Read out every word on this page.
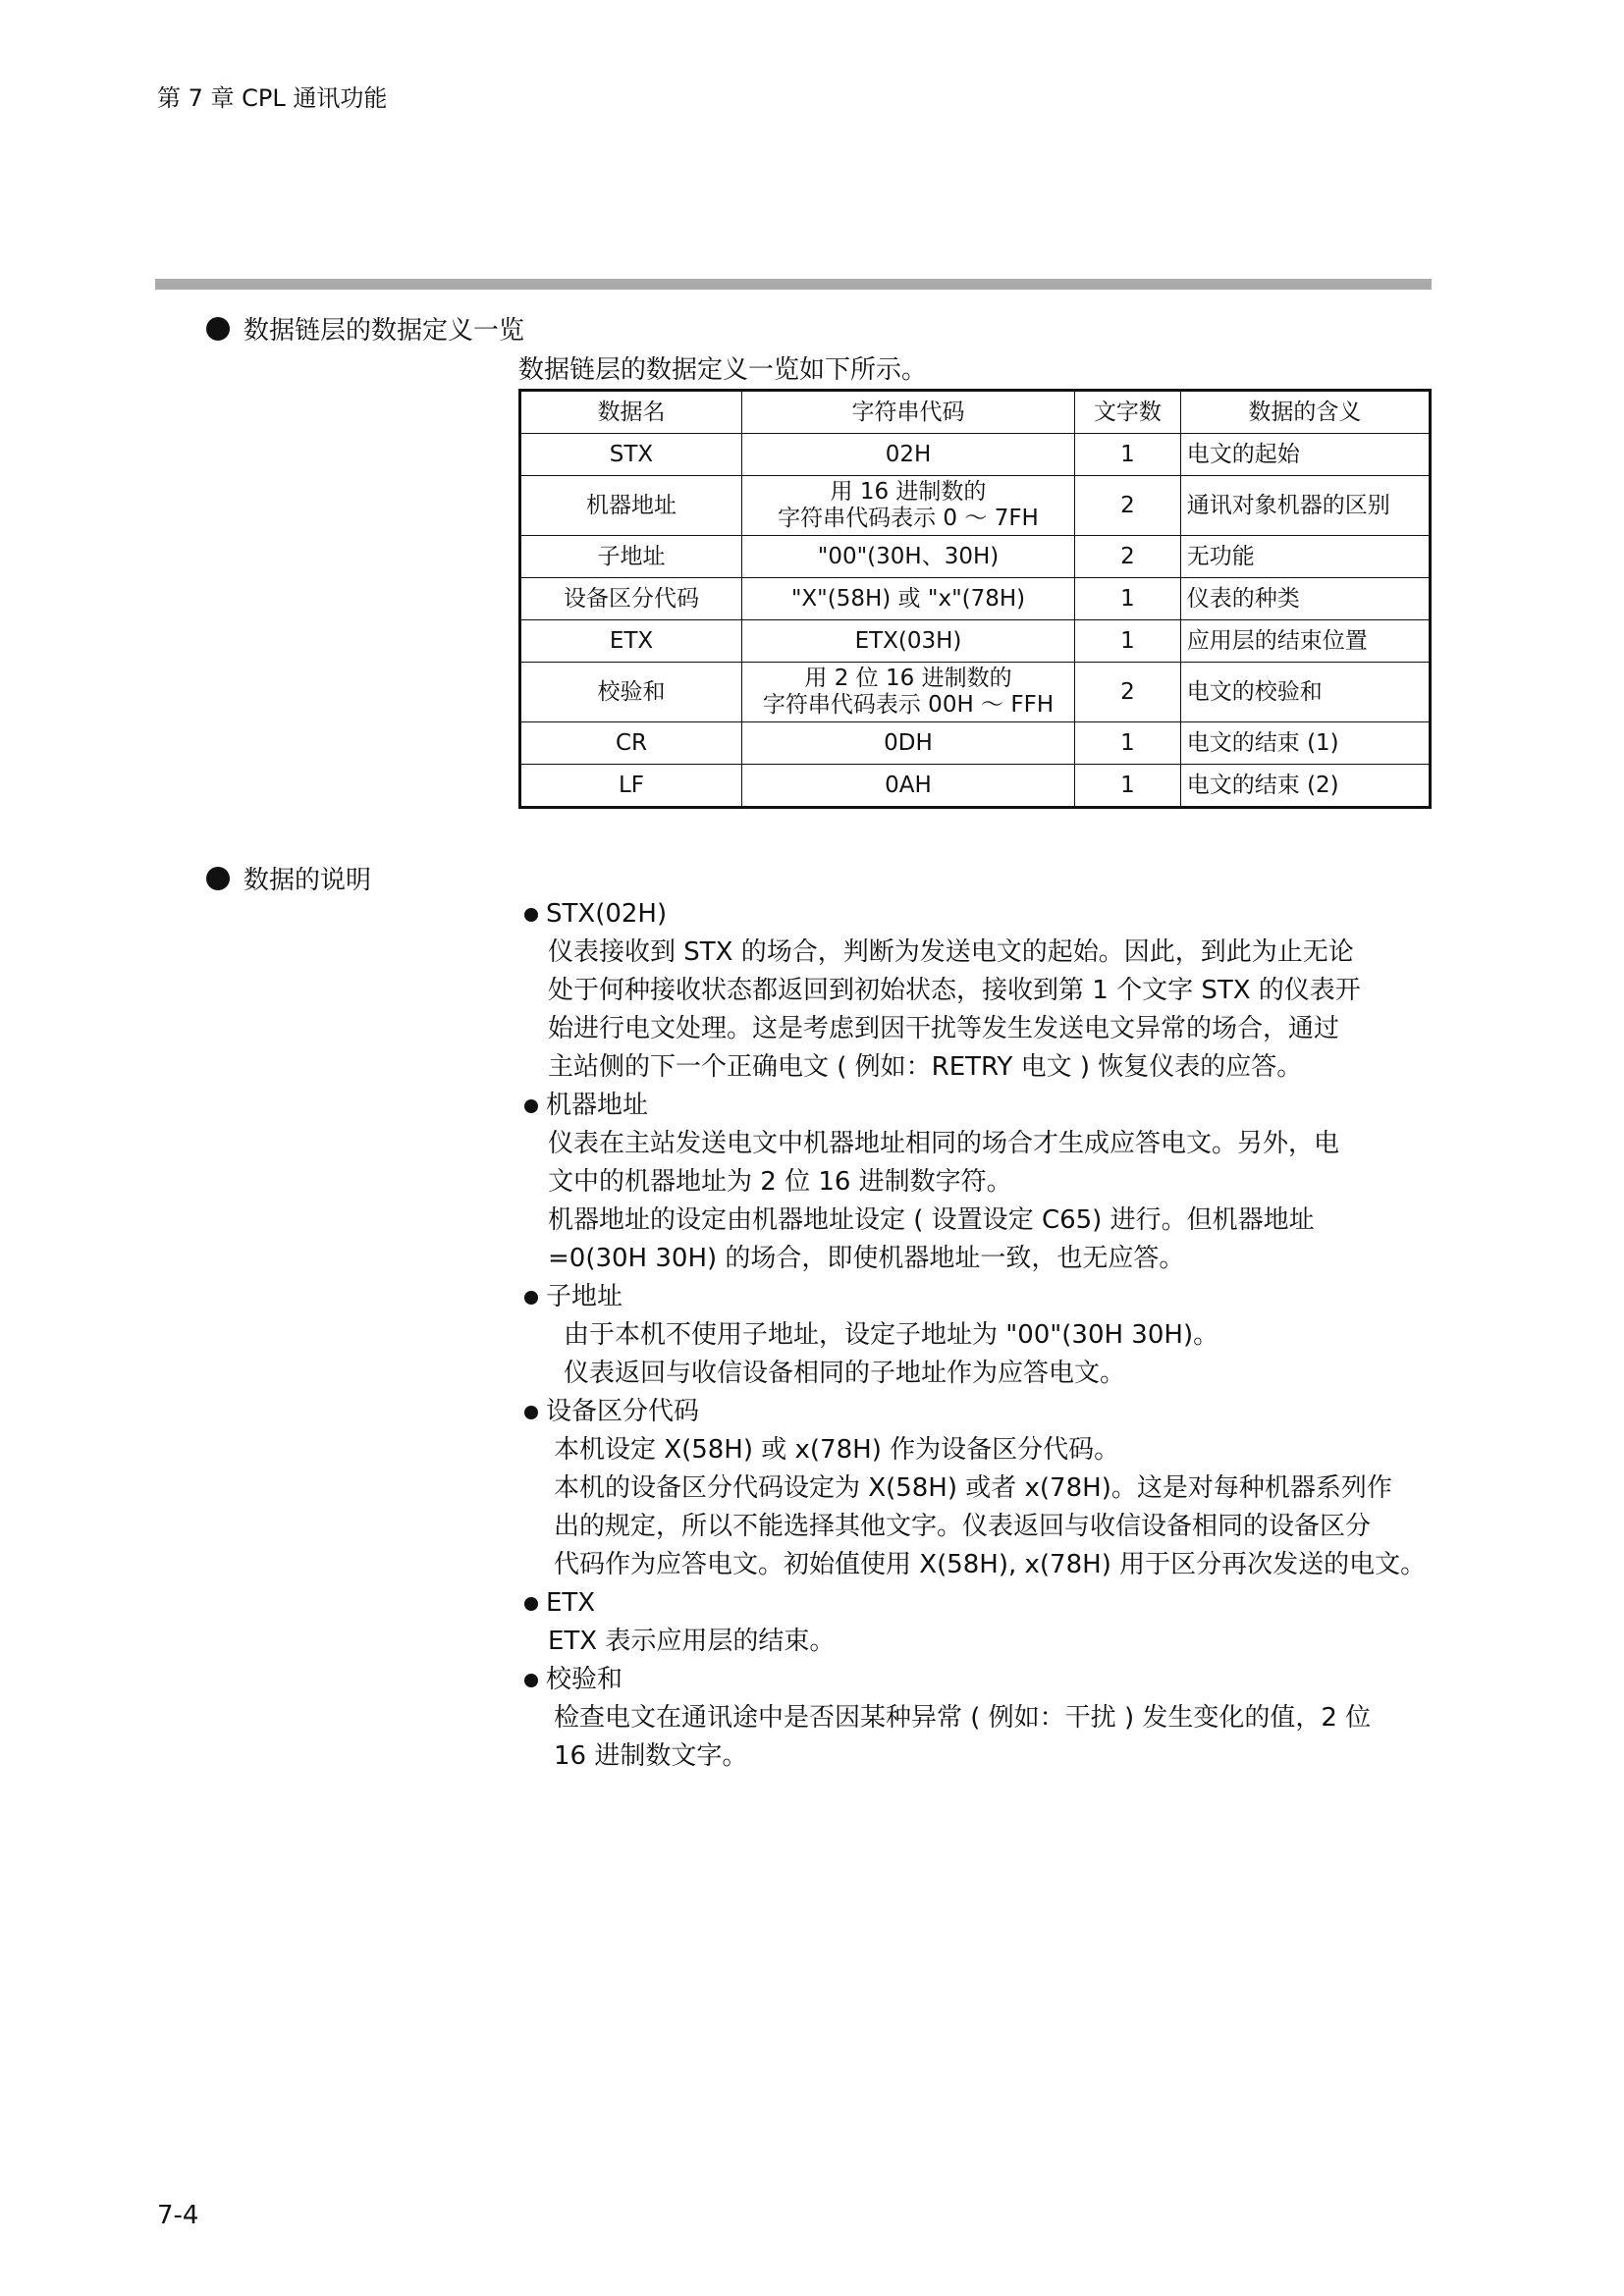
第 7 章 CPL 通讯功能
数据链层的数据定义一览
数据链层的数据定义一览如下所示。
数据名	字符串代码	文字数	数据的含义
STX	02H	1	电文的起始
机器地址	用 16 进制数的
字符串代码表示 0 ～ 7FH	2	通讯对象机器的区别
子地址	"00"(30H、30H)	2	无功能
设备区分代码	"X"(58H) 或 "x"(78H)	1	仪表的种类
ETX	ETX(03H)	1	应用层的结束位置
校验和	用 2 位 16 进制数的
字符串代码表示 00H ～ FFH	2	电文的校验和
CR	0DH	1	电文的结束 (1)
LF	0AH	1	电文的结束 (2)
数据的说明
STX(02H)
仪表接收到 STX 的场合，判断为发送电文的起始。因此，到此为止无论
处于何种接收状态都返回到初始状态，接收到第 1 个文字 STX 的仪表开
始进行电文处理。这是考虑到因干扰等发生发送电文异常的场合，通过
主站侧的下一个正确电文 ( 例如：RETRY 电文 ) 恢复仪表的应答。
机器地址
仪表在主站发送电文中机器地址相同的场合才生成应答电文。另外，电
文中的机器地址为 2 位 16 进制数字符。
机器地址的设定由机器地址设定 ( 设置设定 C65) 进行。但机器地址
=0(30H 30H) 的场合，即使机器地址一致，也无应答。
子地址
由于本机不使用子地址，设定子地址为 "00"(30H 30H)。
仪表返回与收信设备相同的子地址作为应答电文。
设备区分代码
本机设定 X(58H) 或 x(78H) 作为设备区分代码。
本机的设备区分代码设定为 X(58H) 或者 x(78H)。这是对每种机器系列作
出的规定，所以不能选择其他文字。仪表返回与收信设备相同的设备区分
代码作为应答电文。初始值使用 X(58H), x(78H) 用于区分再次发送的电文。
ETX
ETX 表示应用层的结束。
校验和
检查电文在通讯途中是否因某种异常 ( 例如：干扰 ) 发生变化的值，2 位
16 进制数文字。
7-4
